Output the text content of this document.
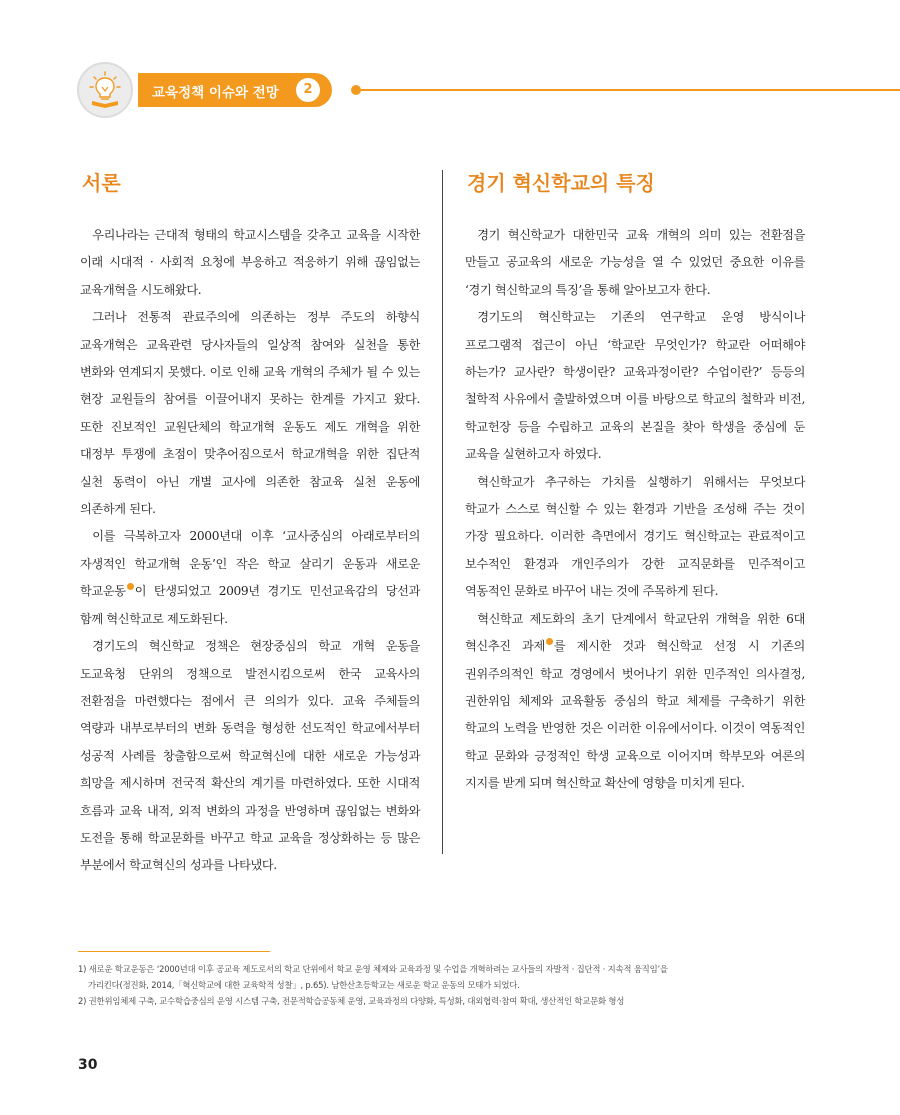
교육정책 이슈와 전망	2
서론

우리나라는 근대적 형태의 학교시스템을 갖추고 교육을 시작한 이래 시대적 · 사회적 요청에 부응하고 적응하기 위해 끊임없는 교육개혁을 시도해왔다.

그러나 전통적 관료주의에 의존하는 정부 주도의 하향식 교육개혁은 교육관련 당사자들의 일상적 참여와 실천을 통한 변화와 연계되지 못했다. 이로 인해 교육 개혁의 주체가 될 수 있는 현장 교원들의 참여를 이끌어내지 못하는 한계를 가지고 왔다. 또한 진보적인 교원단체의 학교개혁 운동도 제도 개혁을 위한 대정부 투쟁에 초점이 맞추어짐으로서 학교개혁을 위한 집단적 실천 동력이 아닌 개별 교사에 의존한 참교육 실천 운동에 의존하게 된다.

이를 극복하고자 2000년대 이후 ‘교사중심의 아래로부터의 자생적인 학교개혁 운동’인 작은 학교 살리기 운동과 새로운 학교운동 이 탄생되었고 2009년 경기도 민선교육감의 당선과 함께 혁신학교로 제도화된다.

경기도의 혁신학교 정책은 현장중심의 학교 개혁 운동을 도교육청 단위의 정책으로 발전시킴으로써 한국 교육사의 전환점을 마련했다는 점에서 큰 의의가 있다. 교육 주체들의 역량과 내부로부터의 변화 동력을 형성한 선도적인 학교에서부터 성공적 사례를 창출함으로써 학교혁신에 대한 새로운 가능성과 희망을 제시하며 전국적 확산의 계기를 마련하였다. 또한 시대적 흐름과 교육 내적, 외적 변화의 과정을 반영하며 끊임없는 변화와 도전을 통해 학교문화를 바꾸고 학교 교육을 정상화하는 등 많은 부분에서 학교혁신의 성과를 나타냈다.

경기 혁신학교의 특징

경기 혁신학교가 대한민국 교육 개혁의 의미 있는 전환점을 만들고 공교육의 새로운 가능성을 열 수 있었던 중요한 이유를 ‘경기 혁신학교의 특징’을 통해 알아보고자 한다.

경기도의 혁신학교는 기존의 연구학교 운영 방식이나 프로그램적 접근이 아닌 ‘학교란 무엇인가? 학교란 어떠해야 하는가? 교사란? 학생이란? 교육과정이란? 수업이란?’ 등등의 철학적 사유에서 출발하였으며 이를 바탕으로 학교의 철학과 비전, 학교헌장 등을 수립하고 교육의 본질을 찾아 학생을 중심에 둔 교육을 실현하고자 하였다.

혁신학교가 추구하는 가치를 실행하기 위해서는 무엇보다 학교가 스스로 혁신할 수 있는 환경과 기반을 조성해 주는 것이 가장 필요하다. 이러한 측면에서 경기도 혁신학교는 관료적이고 보수적인 환경과 개인주의가 강한 교직문화를 민주적이고 역동적인 문화로 바꾸어 내는 것에 주목하게 된다.

혁신학교 제도화의 초기 단계에서 학교단위 개혁을 위한 6대 혁신추진 과제 를 제시한 것과 혁신학교 선정 시 기존의 권위주의적인 학교 경영에서 벗어나기 위한 민주적인 의사결정, 권한위임 체제와 교육활동 중심의 학교 체제를 구축하기 위한 학교의 노력을 반영한 것은 이러한 이유에서이다. 이것이 역동적인 학교 문화와 긍정적인 학생 교육으로 이어지며 학부모와 여론의 지지를 받게 되며 혁신학교 확산에 영향을 미치게 된다.

1) 새로운 학교운동은 ‘2000년대 이후 공교육 제도로서의 학교 단위에서 학교 운영 체제와 교육과정 및 수업을 개혁하려는 교사들의 자발적 · 집단적 · 지속적 움직임’을

가리킨다(정진화, 2014,「혁신학교에 대한 교육학적 성찰」, p.65). 남한산초등학교는 새로운 학교 운동의 모태가 되었다.

2) 권한위임체제 구축, 교수학습중심의 운영 시스템 구축, 전문적학습공동체 운영, 교육과정의 다양화, 특성화, 대외협력·참여 확대, 생산적인 학교문화 형성

30
